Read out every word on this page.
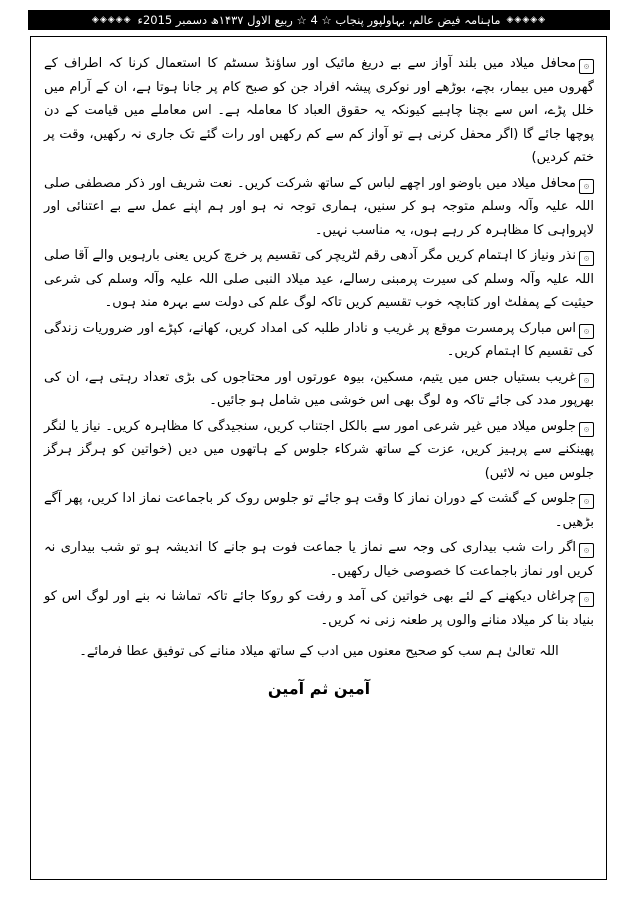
◈◈◈◈◈
ماہنامہ فیض عالم، بہاولپور پنجاب ☆ 4 ☆ ربیع الاول ۱۴۳۷ھ دسمبر 2015ء
◈◈◈◈◈

۞محافل میلاد میں بلند آواز سے بے دریغ مائیک اور ساؤنڈ سسٹم کا استعمال کرنا کہ اطراف کے گھروں میں بیمار، بچے، بوڑھے اور نوکری پیشہ افراد جن کو صبح کام پر جانا ہوتا ہے، ان کے آرام میں خلل پڑے، اس سے بچنا چاہیے کیونکہ یہ حقوق العباد کا معاملہ ہے۔ اس معاملے میں قیامت کے دن پوچھا جائے گا (اگر محفل کرنی ہے تو آواز کم سے کم رکھیں اور رات گئے تک جاری نہ رکھیں، وقت پر ختم کردیں)

۞محافل میلاد میں باوضو اور اچھے لباس کے ساتھ شرکت کریں۔ نعت شریف اور ذکر مصطفی صلی اللہ علیہ وآلہ وسلم متوجہ ہو کر سنیں، ہماری توجہ نہ ہو اور ہم اپنے عمل سے بے اعتنائی اور لاپرواہی کا مظاہرہ کر رہے ہوں، یہ مناسب نہیں۔

۞نذر ونیاز کا اہتمام کریں مگر آدھی رقم لٹریچر کی تقسیم پر خرچ کریں یعنی بارہویں والے آقا صلی اللہ علیہ وآلہ وسلم کی سیرت پرمبنی رسالے، عید میلاد النبی صلی اللہ علیہ وآلہ وسلم کی شرعی حیثیت کے پمفلٹ اور کتابچہ خوب تقسیم کریں تاکہ لوگ علم کی دولت سے بہرہ مند ہوں۔

۞اس مبارک پرمسرت موقع پر غریب و نادار طلبہ کی امداد کریں، کھانے، کپڑے اور ضروریات زندگی کی تقسیم کا اہتمام کریں۔

۞غریب بستیاں جس میں یتیم، مسکین، بیوہ عورتوں اور محتاجوں کی بڑی تعداد رہتی ہے، ان کی بھرپور مدد کی جائے تاکہ وہ لوگ بھی اس خوشی میں شامل ہو جائیں۔

۞جلوس میلاد میں غیر شرعی امور سے بالکل اجتناب کریں، سنجیدگی کا مظاہرہ کریں۔ نیاز یا لنگر پھینکنے سے پرہیز کریں، عزت کے ساتھ شرکاء جلوس کے ہاتھوں میں دیں (خواتین کو ہرگز ہرگز جلوس میں نہ لائیں)

۞جلوس کے گشت کے دوران نماز کا وقت ہو جائے تو جلوس روک کر باجماعت نماز ادا کریں، پھر آگے بڑھیں۔

۞اگر رات شب بیداری کی وجہ سے نماز یا جماعت فوت ہو جانے کا اندیشہ ہو تو شب بیداری نہ کریں اور نماز باجماعت کا خصوصی خیال رکھیں۔

۞چراغاں دیکھنے کے لئے بھی خواتین کی آمد و رفت کو روکا جائے تاکہ تماشا نہ بنے اور لوگ اس کو بنیاد بنا کر میلاد منانے والوں پر طعنہ زنی نہ کریں۔

اللہ تعالیٰ ہم سب کو صحیح معنوں میں ادب کے ساتھ میلاد منانے کی توفیق عطا فرمائے۔

آمین ثم آمین
